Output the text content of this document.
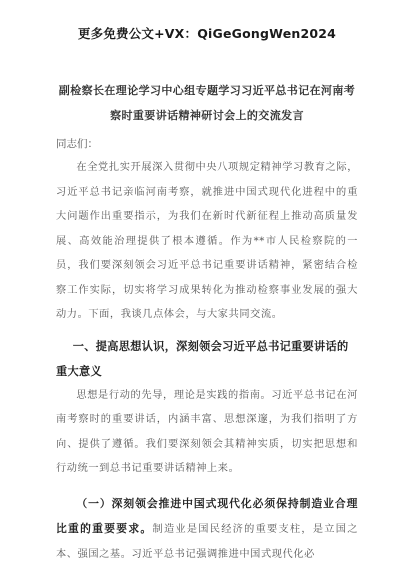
更多免费公文+VX：QiGeGongWen2024
副检察长在理论学习中心组专题学习习近平总书记在河南考察时重要讲话精神研讨会上的交流发言
同志们：

在全党扎实开展深入贯彻中央八项规定精神学习教育之际，习近平总书记亲临河南考察，就推进中国式现代化进程中的重大问题作出重要指示，为我们在新时代新征程上推动高质量发展、高效能治理提供了根本遵循。作为**市人民检察院的一员，我们要深刻领会习近平总书记重要讲话精神，紧密结合检察工作实际，切实将学习成果转化为推动检察事业发展的强大动力。下面，我谈几点体会，与大家共同交流。

一、提高思想认识，深刻领会习近平总书记重要讲话的重大意义

思想是行动的先导，理论是实践的指南。习近平总书记在河南考察时的重要讲话，内涵丰富、思想深邃，为我们指明了方向、提供了遵循。我们要深刻领会其精神实质，切实把思想和行动统一到总书记重要讲话精神上来。

（一）深刻领会推进中国式现代化必须保持制造业合理比重的重要要求。制造业是国民经济的重要支柱，是立国之本、强国之基。习近平总书记强调推进中国式现代化必
